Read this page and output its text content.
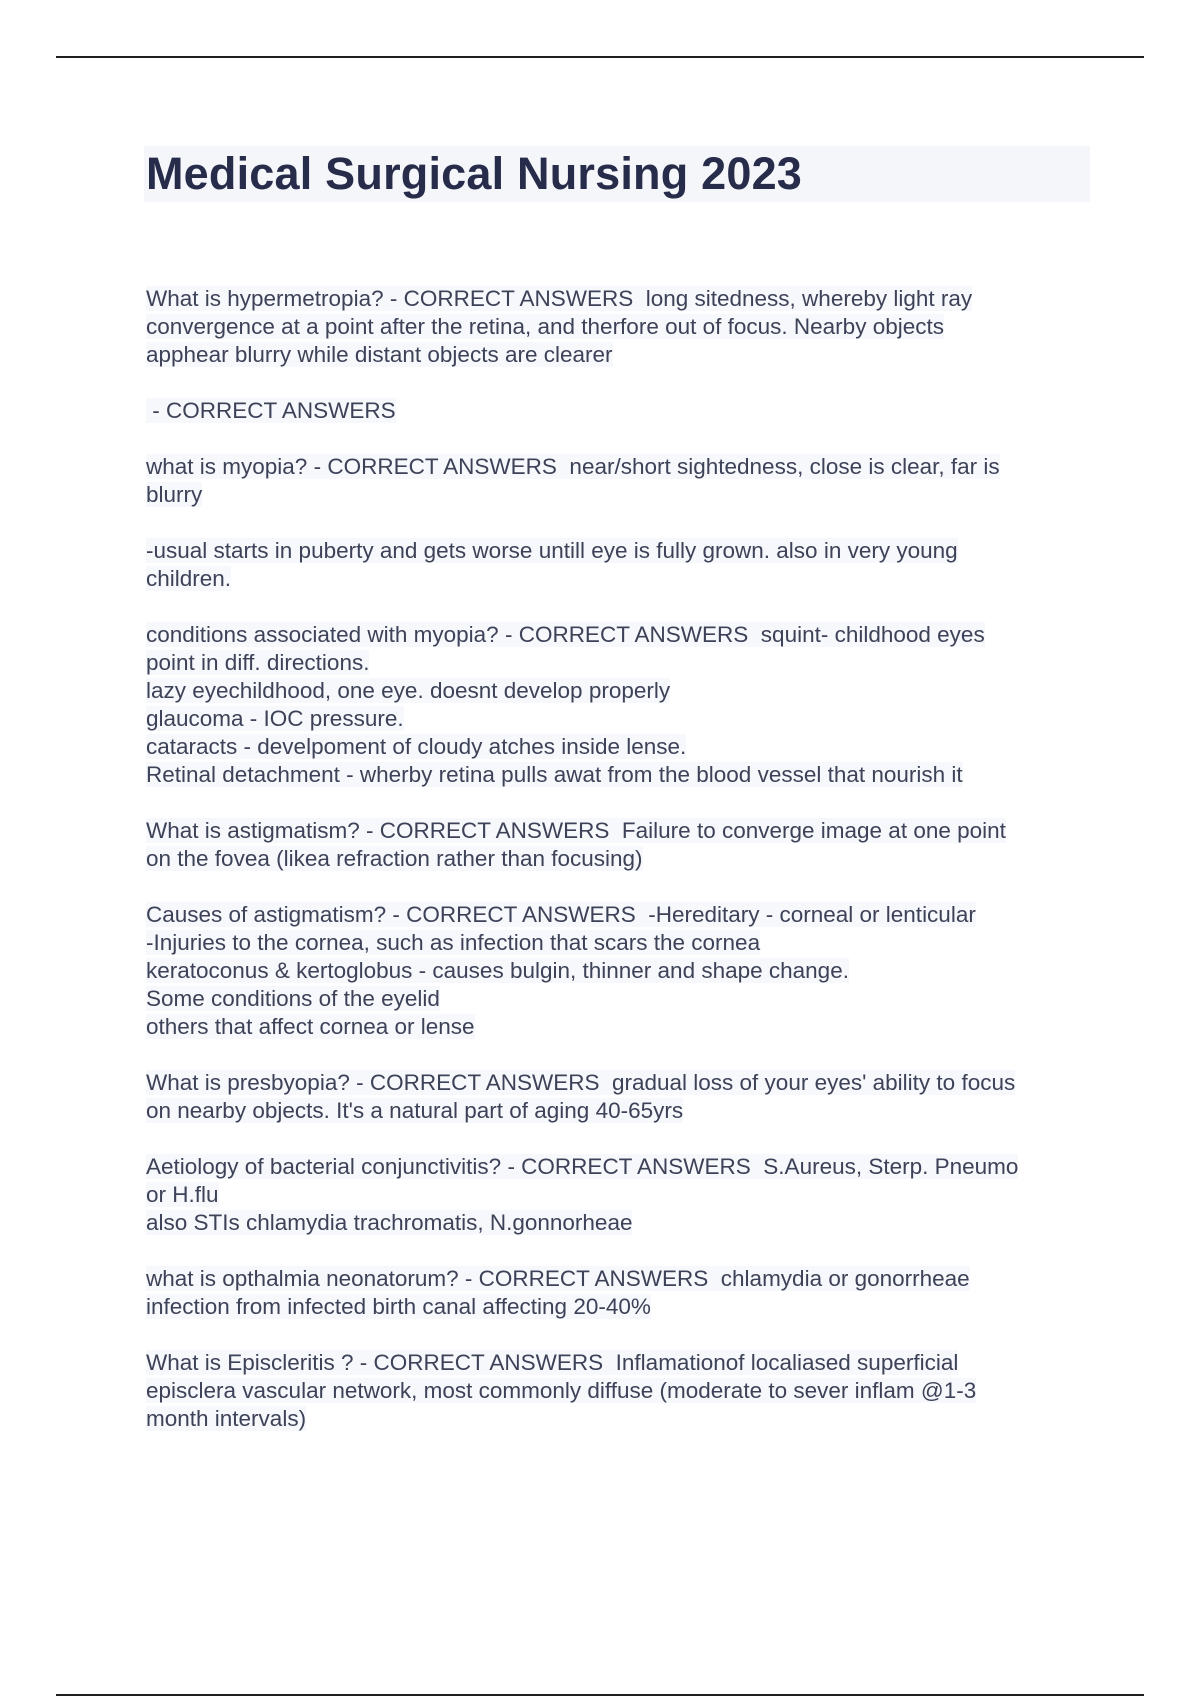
Medical Surgical Nursing 2023
What is hypermetropia? - CORRECT ANSWERS  long sitedness, whereby light ray
convergence at a point after the retina, and therfore out of focus. Nearby objects
apphear blurry while distant objects are clearer
- CORRECT ANSWERS
what is myopia? - CORRECT ANSWERS  near/short sightedness, close is clear, far is
blurry
-usual starts in puberty and gets worse untill eye is fully grown. also in very young
children.
conditions associated with myopia? - CORRECT ANSWERS  squint- childhood eyes
point in diff. directions.
lazy eyechildhood, one eye. doesnt develop properly
glaucoma - IOC pressure.
cataracts - develpoment of cloudy atches inside lense.
Retinal detachment - wherby retina pulls awat from the blood vessel that nourish it
What is astigmatism? - CORRECT ANSWERS  Failure to converge image at one point
on the fovea (likea refraction rather than focusing)
Causes of astigmatism? - CORRECT ANSWERS  -Hereditary - corneal or lenticular
-Injuries to the cornea, such as infection that scars the cornea
keratoconus & kertoglobus - causes bulgin, thinner and shape change.
Some conditions of the eyelid
others that affect cornea or lense
What is presbyopia? - CORRECT ANSWERS  gradual loss of your eyes' ability to focus
on nearby objects. It's a natural part of aging 40-65yrs
Aetiology of bacterial conjunctivitis? - CORRECT ANSWERS  S.Aureus, Sterp. Pneumo
or H.flu
also STIs chlamydia trachromatis, N.gonnorheae
what is opthalmia neonatorum? - CORRECT ANSWERS  chlamydia or gonorrheae
infection from infected birth canal affecting 20-40%
What is Episcleritis ? - CORRECT ANSWERS  Inflamationof localiased superficial
episclera vascular network, most commonly diffuse (moderate to sever inflam @1-3
month intervals)
